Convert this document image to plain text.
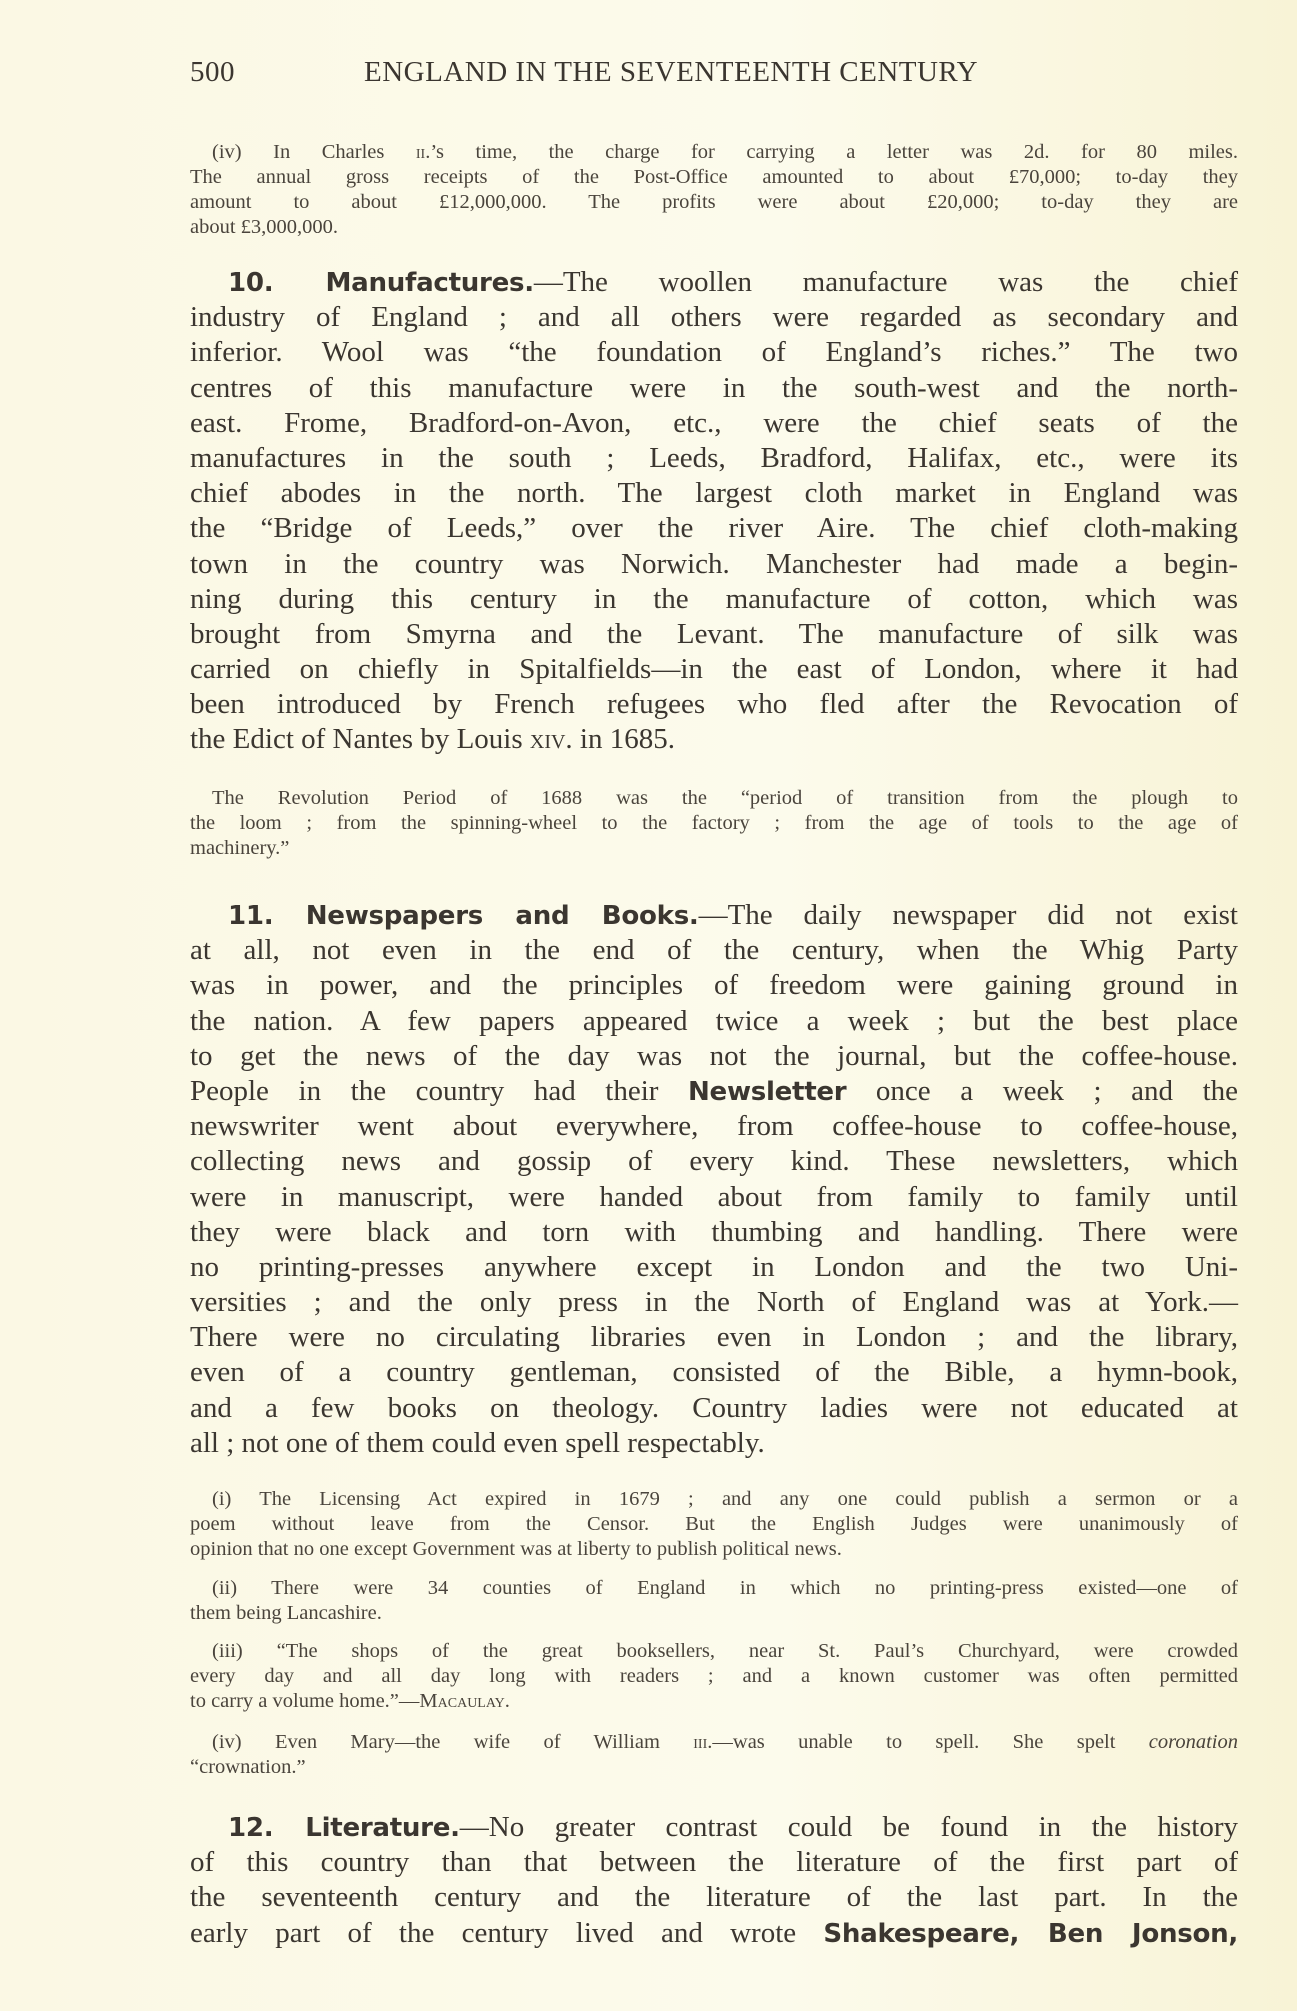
500	ENGLAND IN THE SEVENTEENTH CENTURY
(iv) In Charles ii.’s time, the charge for carrying a letter was 2d. for 80 miles.
The annual gross receipts of the Post-Office amounted to about £70,000; to-day they
amount to about £12,000,000. The profits were about £20,000; to-day they are
about £3,000,000.
10. Manufactures.—The woollen manufacture was the chief
industry of England ; and all others were regarded as secondary and
inferior. Wool was “the foundation of England’s riches.” The two
centres of this manufacture were in the south-west and the north-
east. Frome, Bradford-on-Avon, etc., were the chief seats of the
manufactures in the south ; Leeds, Bradford, Halifax, etc., were its
chief abodes in the north. The largest cloth market in England was
the “Bridge of Leeds,” over the river Aire. The chief cloth-making
town in the country was Norwich. Manchester had made a begin-
ning during this century in the manufacture of cotton, which was
brought from Smyrna and the Levant. The manufacture of silk was
carried on chiefly in Spitalfields—in the east of London, where it had
been introduced by French refugees who fled after the Revocation of
the Edict of Nantes by Louis xiv. in 1685.
The Revolution Period of 1688 was the “period of transition from the plough to
the loom ; from the spinning-wheel to the factory ; from the age of tools to the age of
machinery.”
11. Newspapers and Books.—The daily newspaper did not exist
at all, not even in the end of the century, when the Whig Party
was in power, and the principles of freedom were gaining ground in
the nation. A few papers appeared twice a week ; but the best place
to get the news of the day was not the journal, but the coffee-house.
People in the country had their Newsletter once a week ; and the
newswriter went about everywhere, from coffee-house to coffee-house,
collecting news and gossip of every kind. These newsletters, which
were in manuscript, were handed about from family to family until
they were black and torn with thumbing and handling. There were
no printing-presses anywhere except in London and the two Uni-
versities ; and the only press in the North of England was at York.—
There were no circulating libraries even in London ; and the library,
even of a country gentleman, consisted of the Bible, a hymn-book,
and a few books on theology. Country ladies were not educated at
all ; not one of them could even spell respectably.
(i) The Licensing Act expired in 1679 ; and any one could publish a sermon or a
poem without leave from the Censor. But the English Judges were unanimously of
opinion that no one except Government was at liberty to publish political news.
(ii) There were 34 counties of England in which no printing-press existed—one of
them being Lancashire.
(iii) “The shops of the great booksellers, near St. Paul’s Churchyard, were crowded
every day and all day long with readers ; and a known customer was often permitted
to carry a volume home.”—Macaulay.
(iv) Even Mary—the wife of William iii.—was unable to spell. She spelt coronation
“crownation.”
12. Literature.—No greater contrast could be found in the history
of this country than that between the literature of the first part of
the seventeenth century and the literature of the last part. In the
early part of the century lived and wrote Shakespeare, Ben Jonson,
